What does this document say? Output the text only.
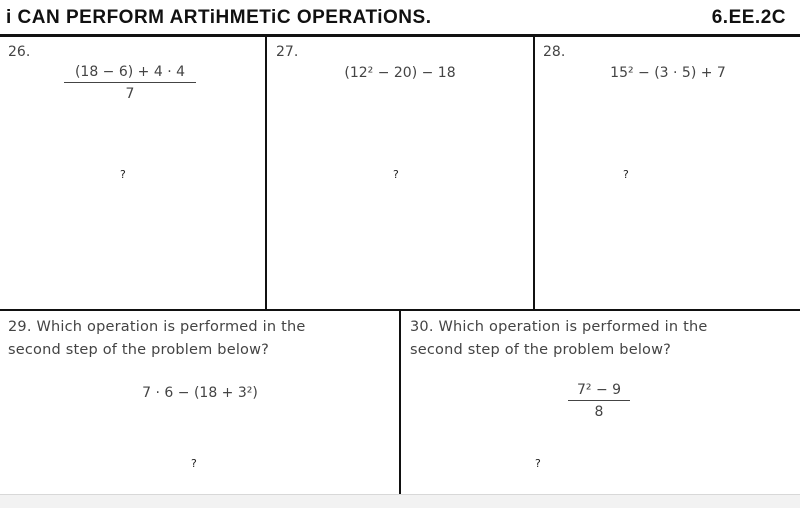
i CAN PERFORM ARTiHMETiC OPERATiONS.	6.EE.2C
26.
$\frac{(18 - 6) + 4 \cdot 4}{7}$
?
27.
(12² − 20) − 18
?
28.
15² − (3 · 5) + 7
?
29. Which operation is performed in the
second step of the problem below?
7 · 6 − (18 + 3²)
?
30. Which operation is performed in the
second step of the problem below?
$\frac{\text{7² − 9}}{8}$
?
